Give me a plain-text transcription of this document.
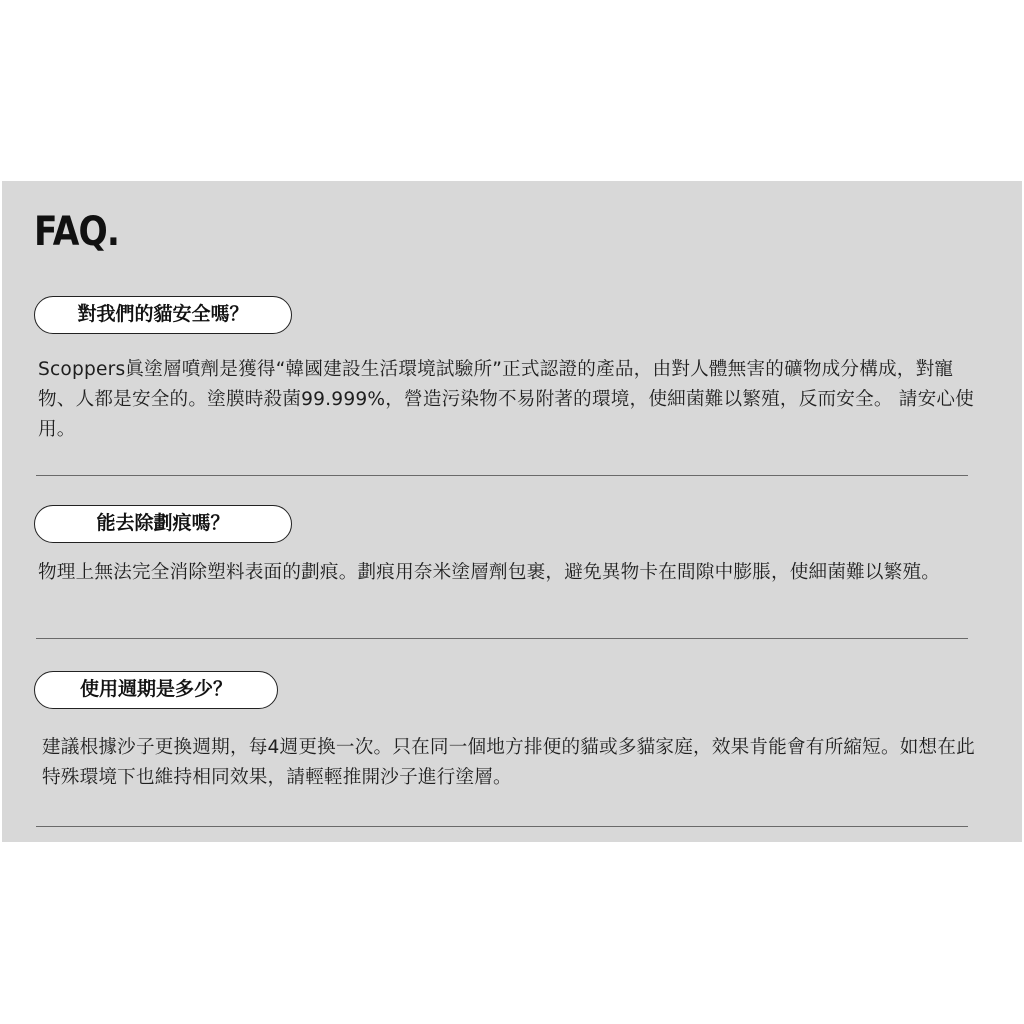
FAQ.
對我們的貓安全嗎？

Scoppers眞塗層噴劑是獲得“韓國建設生活環境試驗所”正式認證的產品，由對人體無害的礦物成分構成，對寵物、人都是安全的。塗膜時殺菌99.999%，營造污染物不易附著的環境，使細菌難以繁殖，反而安全。 請安心使用。

能去除劃痕嗎？

物理上無法完全消除塑料表面的劃痕。劃痕用奈米塗層劑包裹，避免異物卡在間隙中膨脹，使細菌難以繁殖。

使用週期是多少？

建議根據沙子更換週期，每4週更換一次。只在同一個地方排便的貓或多貓家庭，效果肯能會有所縮短。如想在此特殊環境下也維持相同效果，請輕輕推開沙子進行塗層。
